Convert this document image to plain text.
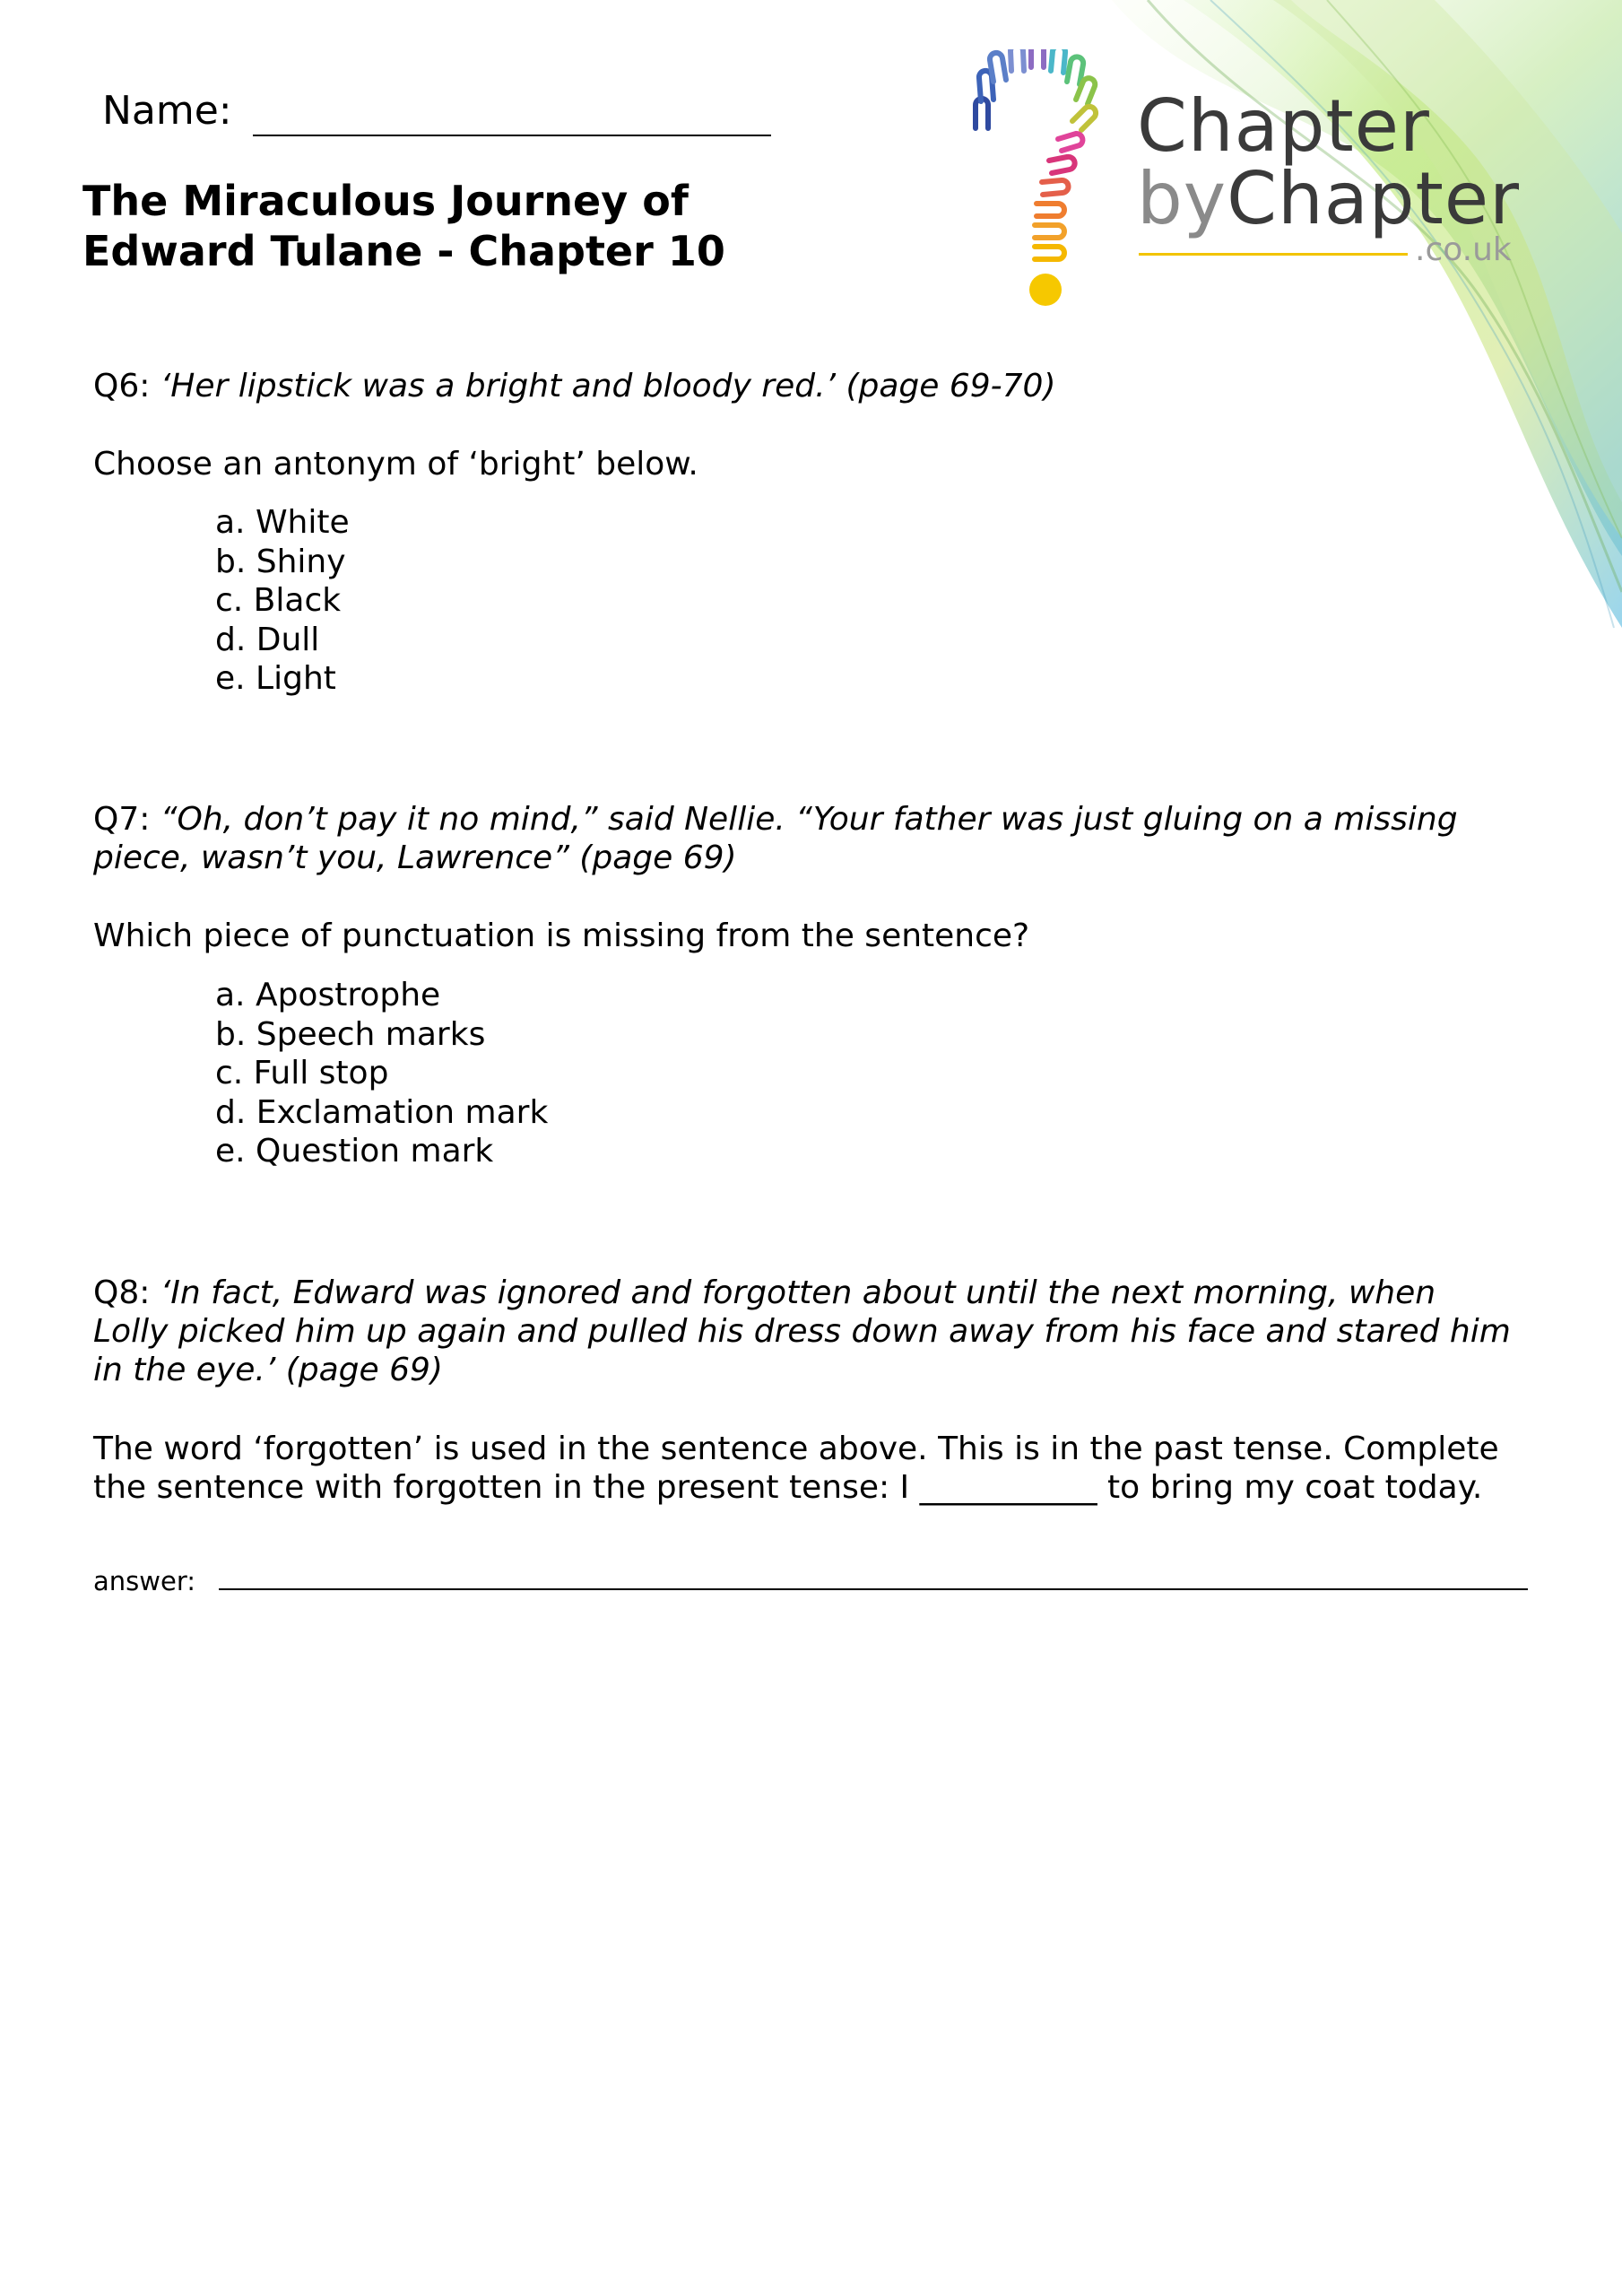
Name:
The Miraculous Journey of
Edward Tulane - Chapter 10
Chapter
byChapter
.co.uk
Q6: ‘Her lipstick was a bright and bloody red.’ (page 69-70)
Choose an antonym of ‘bright’ below.
a. White
b. Shiny
c. Black
d. Dull
e. Light
Q7: “Oh, don’t pay it no mind,” said Nellie. “Your father was just gluing on a missing
piece, wasn’t you, Lawrence” (page 69)
Which piece of punctuation is missing from the sentence?
a. Apostrophe
b. Speech marks
c. Full stop
d. Exclamation mark
e. Question mark
Q8: ‘In fact, Edward was ignored and forgotten about until the next morning, when
Lolly picked him up again and pulled his dress down away from his face and stared him
in the eye.’ (page 69)
The word ‘forgotten’ is used in the sentence above. This is in the past tense. Complete
the sentence with forgotten in the present tense: I ___________ to bring my coat today.
answer:
